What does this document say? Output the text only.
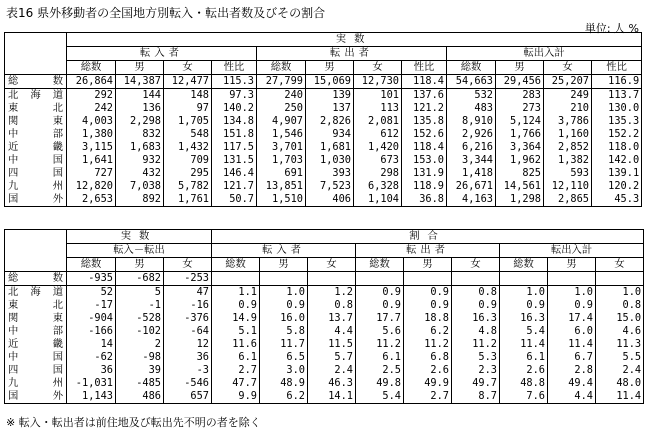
表16 県外移動者の全国地方別転入・転出者数及びその割合
単位: 人 %
	実数											
	転入者				転出者				転出入計			
	総数	男	女	性比	総数	男	女	性比	総数	男	女	性比
総数	26,864	14,387	12,477	115.3	27,799	15,069	12,730	118.4	54,663	29,456	25,207	116.9
北海道	292	144	148	97.3	240	139	101	137.6	532	283	249	113.7
東北	242	136	97	140.2	250	137	113	121.2	483	273	210	130.0
関東	4,003	2,298	1,705	134.8	4,907	2,826	2,081	135.8	8,910	5,124	3,786	135.3
中部	1,380	832	548	151.8	1,546	934	612	152.6	2,926	1,766	1,160	152.2
近畿	3,115	1,683	1,432	117.5	3,701	1,681	1,420	118.4	6,216	3,364	2,852	118.0
中国	1,641	932	709	131.5	1,703	1,030	673	153.0	3,344	1,962	1,382	142.0
四国	727	432	295	146.4	691	393	298	131.9	1,418	825	593	139.1
九州	12,820	7,038	5,782	121.7	13,851	7,523	6,328	118.9	26,671	14,561	12,110	120.2
国外	2,653	892	1,761	50.7	1,510	406	1,104	36.8	4,163	1,298	2,865	45.3
	実数			割合								
	転入－転出			転入者			転出者			転出入計		
	総数	男	女	総数	男	女	総数	男	女	総数	男	女
総数	-935	-682	-253									
北海道	52	5	47	1.1	1.0	1.2	0.9	0.9	0.8	1.0	1.0	1.0
東北	-17	-1	-16	0.9	0.9	0.8	0.9	0.9	0.9	0.9	0.9	0.8
関東	-904	-528	-376	14.9	16.0	13.7	17.7	18.8	16.3	16.3	17.4	15.0
中部	-166	-102	-64	5.1	5.8	4.4	5.6	6.2	4.8	5.4	6.0	4.6
近畿	14	2	12	11.6	11.7	11.5	11.2	11.2	11.2	11.4	11.4	11.3
中国	-62	-98	36	6.1	6.5	5.7	6.1	6.8	5.3	6.1	6.7	5.5
四国	36	39	-3	2.7	3.0	2.4	2.5	2.6	2.3	2.6	2.8	2.4
九州	-1,031	-485	-546	47.7	48.9	46.3	49.8	49.9	49.7	48.8	49.4	48.0
国外	1,143	486	657	9.9	6.2	14.1	5.4	2.7	8.7	7.6	4.4	11.4
※ 転入・転出者は前住地及び転出先不明の者を除く
